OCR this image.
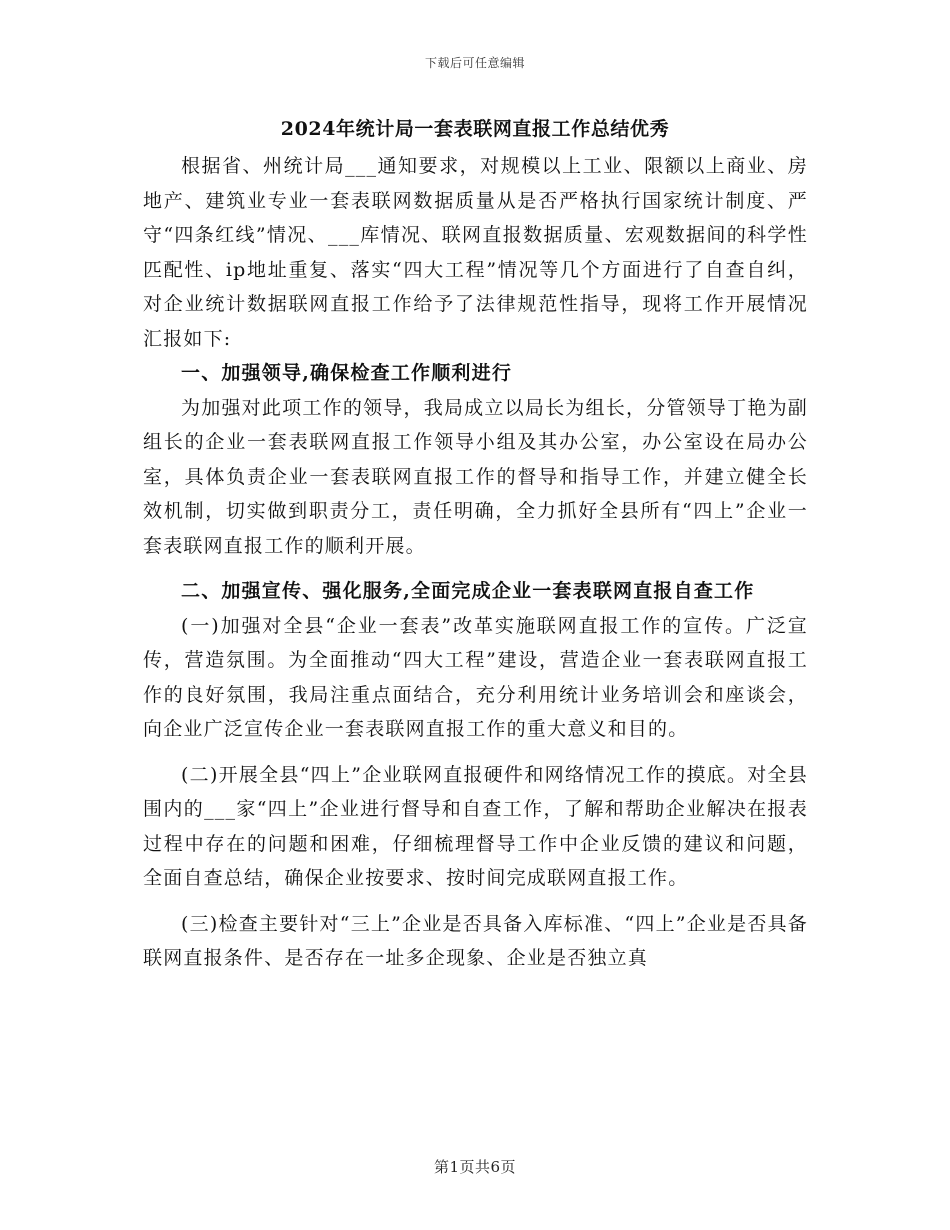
下载后可任意编辑
2024年统计局一套表联网直报工作总结优秀

根据省、州统计局___通知要求，对规模以上工业、限额以上商业、房地产、建筑业专业一套表联网数据质量从是否严格执行国家统计制度、严守“四条红线”情况、___库情况、联网直报数据质量、宏观数据间的科学性匹配性、ip地址重复、落实“四大工程”情况等几个方面进行了自查自纠，对企业统计数据联网直报工作给予了法律规范性指导，现将工作开展情况汇报如下:

一、加强领导,确保检查工作顺利进行

为加强对此项工作的领导，我局成立以局长为组长，分管领导丁艳为副组长的企业一套表联网直报工作领导小组及其办公室，办公室设在局办公室，具体负责企业一套表联网直报工作的督导和指导工作，并建立健全长效机制，切实做到职责分工，责任明确，全力抓好全县所有“四上”企业一套表联网直报工作的顺利开展。

二、加强宣传、强化服务,全面完成企业一套表联网直报自查工作

(一)加强对全县“企业一套表”改革实施联网直报工作的宣传。广泛宣传，营造氛围。为全面推动“四大工程”建设，营造企业一套表联网直报工作的良好氛围，我局注重点面结合，充分利用统计业务培训会和座谈会，向企业广泛宣传企业一套表联网直报工作的重大意义和目的。

(二)开展全县“四上”企业联网直报硬件和网络情况工作的摸底。对全县围内的___家“四上”企业进行督导和自查工作，了解和帮助企业解决在报表过程中存在的问题和困难，仔细梳理督导工作中企业反馈的建议和问题，全面自查总结，确保企业按要求、按时间完成联网直报工作。

(三)检查主要针对“三上”企业是否具备入库标准、“四上”企业是否具备联网直报条件、是否存在一址多企现象、企业是否独立真

第1页共6页
